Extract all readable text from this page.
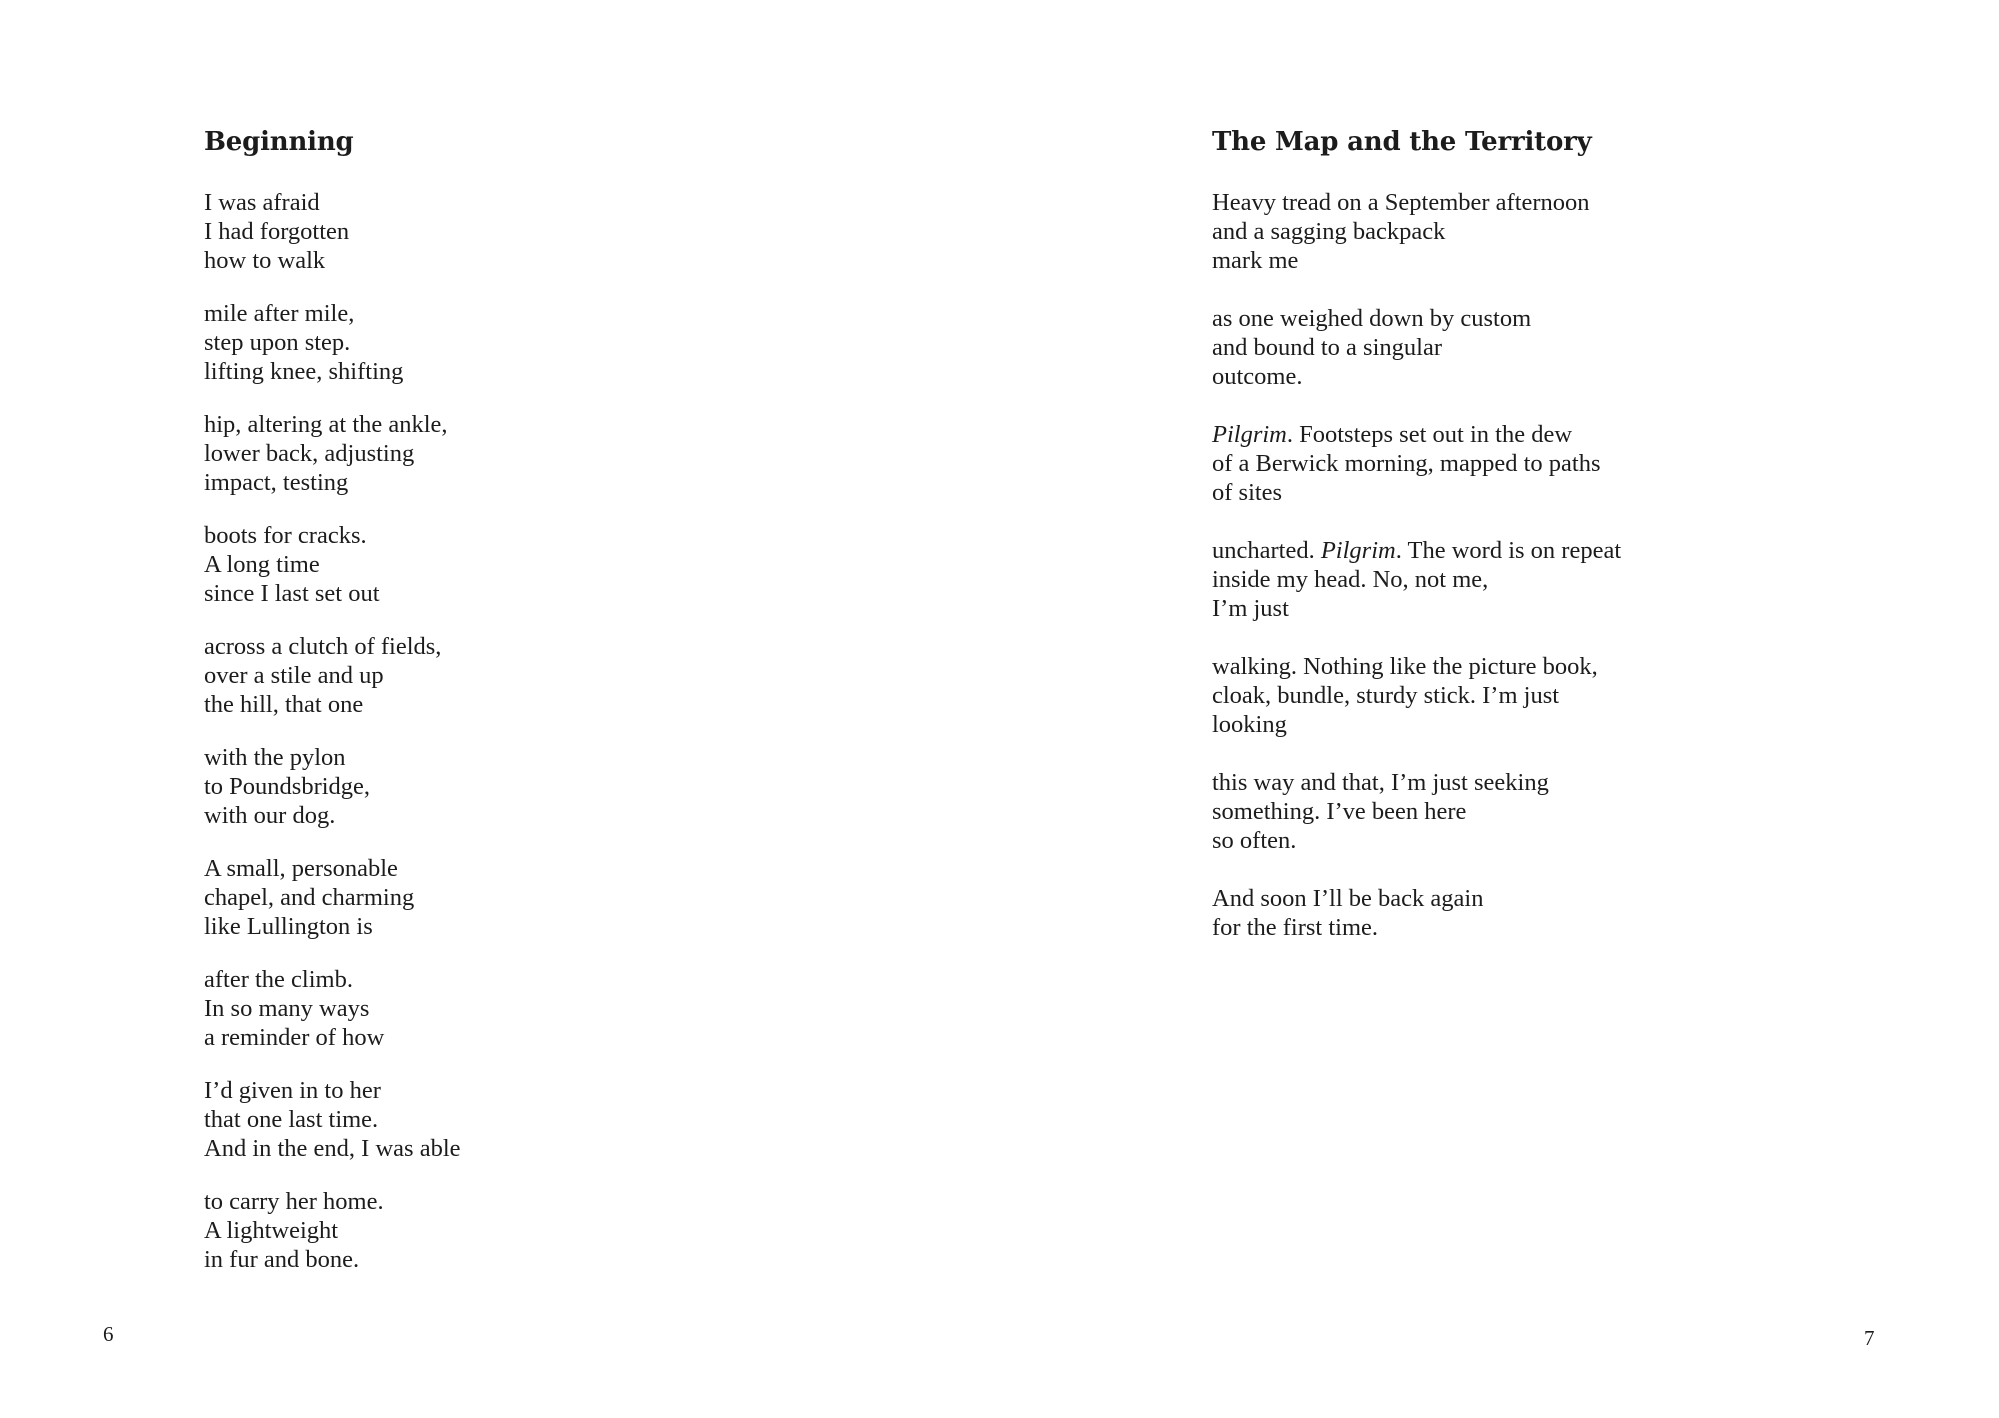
Beginning

I was afraid
I had forgotten
how to walk

mile after mile,
step upon step.
lifting knee, shifting

hip, altering at the ankle,
lower back, adjusting
impact, testing

boots for cracks.
A long time
since I last set out

across a clutch of fields,
over a stile and up
the hill, that one

with the pylon
to Poundsbridge,
with our dog.

A small, personable
chapel, and charming
like Lullington is

after the climb.
In so many ways
a reminder of how

I’d given in to her
that one last time.
And in the end, I was able

to carry her home.
A lightweight
in fur and bone.

6
The Map and the Territory

Heavy tread on a September afternoon
and a sagging backpack
mark me

as one weighed down by custom
and bound to a singular
outcome.

Pilgrim. Footsteps set out in the dew
of a Berwick morning, mapped to paths
of sites

uncharted. Pilgrim. The word is on repeat
inside my head. No, not me,
I’m just

walking. Nothing like the picture book,
cloak, bundle, sturdy stick. I’m just
looking

this way and that, I’m just seeking
something. I’ve been here
so often.

And soon I’ll be back again
for the first time.

7
